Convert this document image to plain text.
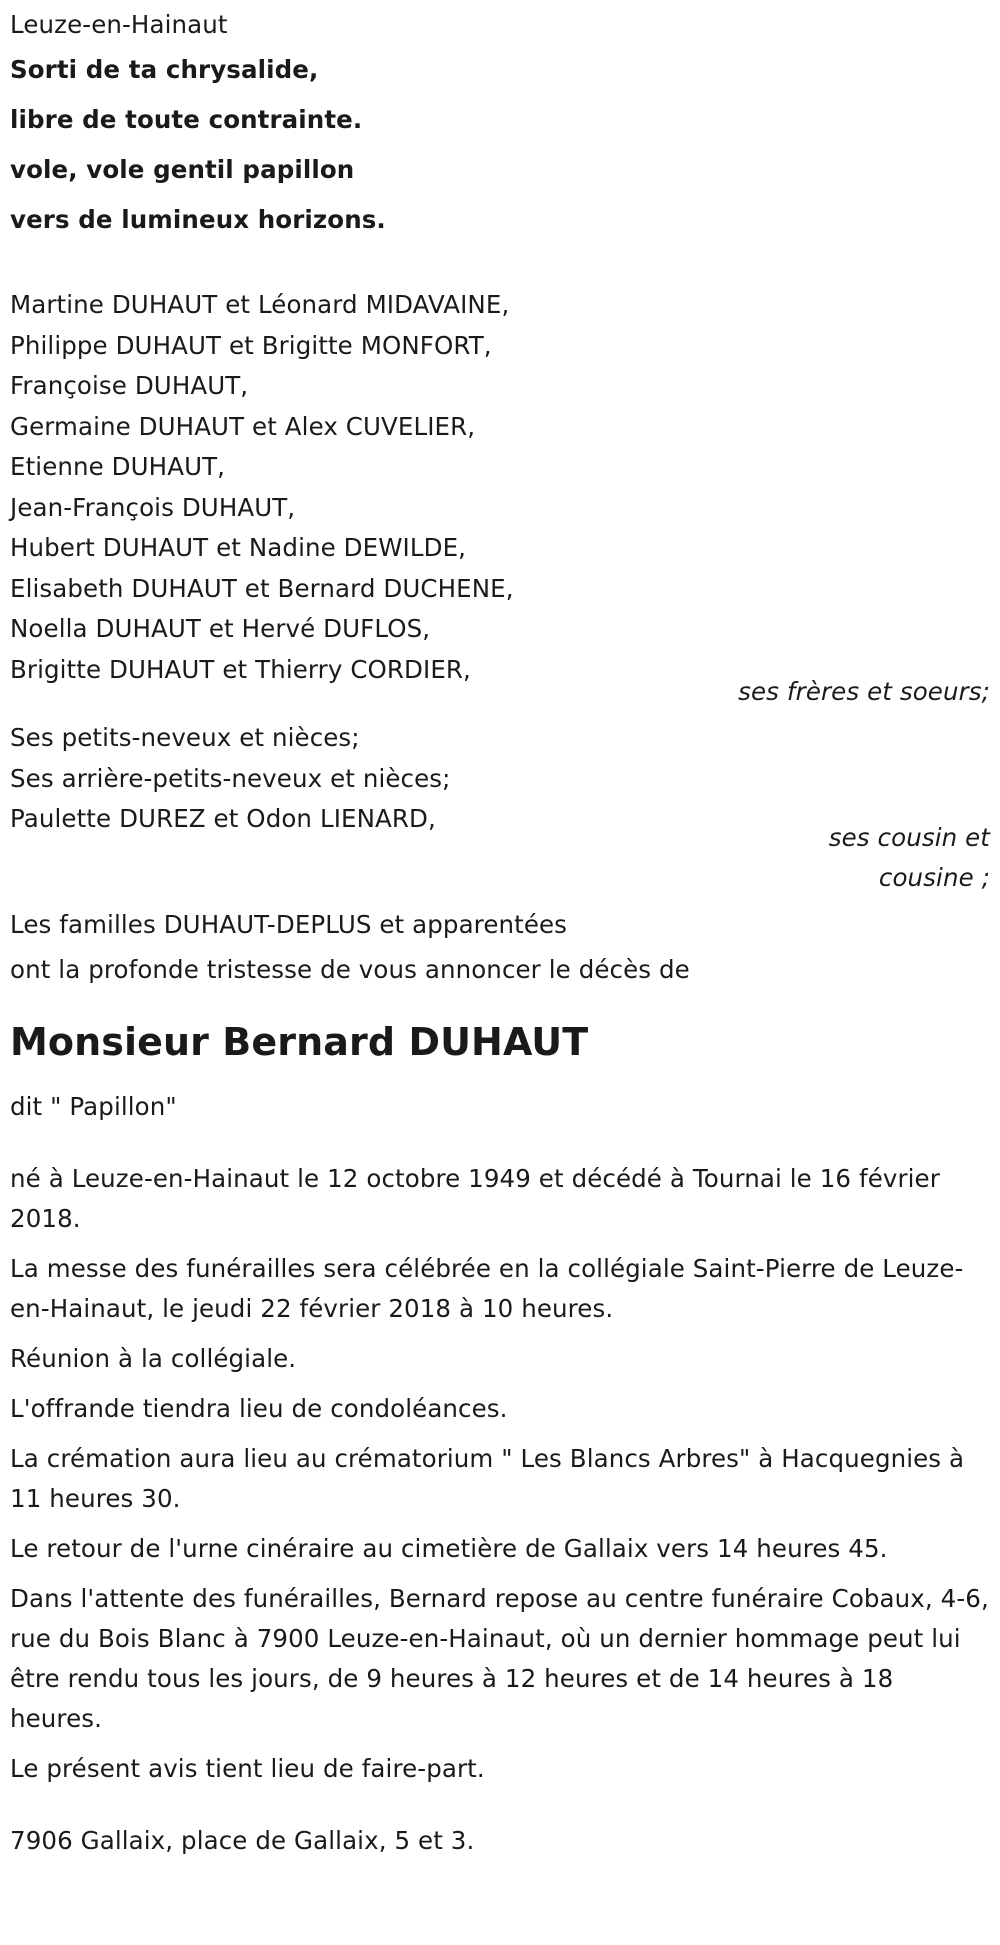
Leuze-en-Hainaut
Sorti de ta chrysalide,
libre de toute contrainte.
vole, vole gentil papillon
vers de lumineux horizons.
Martine DUHAUT et Léonard MIDAVAINE,
Philippe DUHAUT et Brigitte MONFORT,
Françoise DUHAUT,
Germaine DUHAUT et Alex CUVELIER,
Etienne DUHAUT,
Jean-François DUHAUT,
Hubert DUHAUT et Nadine DEWILDE,
Elisabeth DUHAUT et Bernard DUCHENE,
Noella DUHAUT et Hervé DUFLOS,
Brigitte DUHAUT et Thierry CORDIER,
ses frères et soeurs;
Ses petits-neveux et nièces;
Ses arrière-petits-neveux et nièces;
Paulette DUREZ et Odon LIENARD,
ses cousin et
cousine ;

Les familles DUHAUT-DEPLUS et apparentées

ont la profonde tristesse de vous annoncer le décès de

Monsieur Bernard DUHAUT

dit " Papillon"

né à Leuze-en-Hainaut le 12 octobre 1949 et décédé à Tournai le 16 février 2018.
La messe des funérailles sera célébrée en la collégiale Saint-Pierre de Leuze-en-Hainaut, le jeudi 22 février 2018 à 10 heures.
Réunion à la collégiale.
L'offrande tiendra lieu de condoléances.
La crémation aura lieu au crématorium " Les Blancs Arbres" à Hacquegnies à 11 heures 30.
Le retour de l'urne cinéraire au cimetière de Gallaix vers 14 heures 45.
Dans l'attente des funérailles, Bernard repose au centre funéraire Cobaux, 4-6, rue du Bois Blanc à 7900 Leuze-en-Hainaut, où un dernier hommage peut lui être rendu tous les jours, de 9 heures à 12 heures et de 14 heures à 18 heures.
Le présent avis tient lieu de faire-part.

7906 Gallaix, place de Gallaix, 5 et 3.
